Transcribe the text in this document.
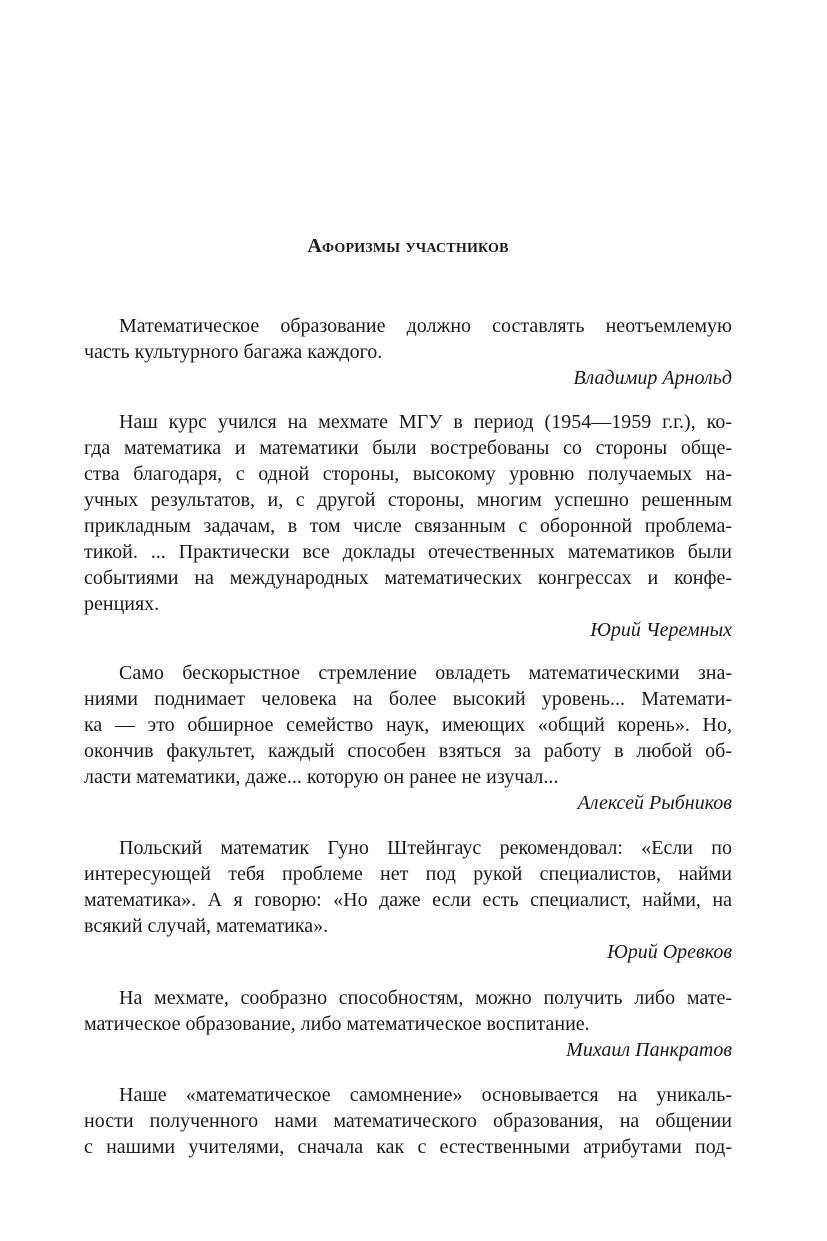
Афоризмы участников

Математическое образование должно составлять неотъемлемую
часть культурного багажа каждого.

Владимир Арнольд

Наш курс учился на мехмате МГУ в период (1954—1959 г.г.), ко-
гда математика и математики были востребованы со стороны обще-
ства благодаря, с одной стороны, высокому уровню получаемых на-
учных результатов, и, с другой стороны, многим успешно решенным
прикладным задачам, в том числе связанным с оборонной проблема-
тикой. ... Практически все доклады отечественных математиков были
событиями на международных математических конгрессах и конфе-
ренциях.

Юрий Черемных

Само бескорыстное стремление овладеть математическими зна-
ниями поднимает человека на более высокий уровень... Математи-
ка — это обширное семейство наук, имеющих «общий корень». Но,
окончив факультет, каждый способен взяться за работу в любой об-
ласти математики, даже... которую он ранее не изучал...

Алексей Рыбников

Польский математик Гуно Штейнгаус рекомендовал: «Если по
интересующей тебя проблеме нет под рукой специалистов, найми
математика». А я говорю: «Но даже если есть специалист, найми, на
всякий случай, математика».

Юрий Оревков

На мехмате, сообразно способностям, можно получить либо мате-
матическое образование, либо математическое воспитание.

Михаил Панкратов

Наше «математическое самомнение» основывается на уникаль-
ности полученного нами математического образования, на общении
с нашими учителями, сначала как с естественными атрибутами под-
